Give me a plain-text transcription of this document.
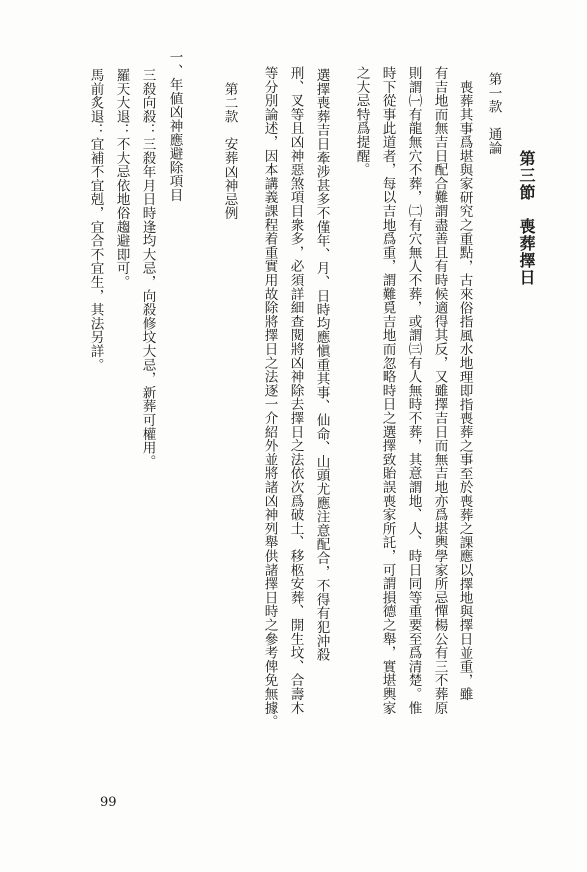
第三節　喪葬擇日
第一款　通論
喪葬其事爲堪與家研究之重點，古來俗指風水地理即指喪葬之事至於喪葬之課應以擇地與擇日並重，雖
有吉地而無吉日配合難謂盡善且有時候適得其反，又雖擇吉日而無吉地亦爲堪輿學家所忌憚楊公有三不葬原
則謂㈠有龍無穴不葬，㈡有穴無人不葬，或謂㈢有人無時不葬，其意謂地、人、時日同等重要至爲清楚。惟
時下從事此道者，每以吉地爲重，謂難覓吉地而忽略時日之選擇致貽誤喪家所託，可謂損德之舉，實堪輿家
之大忌特爲提醒。
選擇喪葬吉日牽涉甚多不僅年、月、日時均應愼重其事、仙命、山頭尤應注意配合，不得有犯沖殺
刑、叉等且凶神惡煞項目衆多，必須詳細查閱將凶神除去擇日之法依次爲破土、移柩安葬、開生坟、合壽木
等分別論述，因本講義課程着重實用故除將擇日之法逐一介紹外並將諸凶神列舉供諸擇日時之參考俾免無據。
第二款　安葬凶神忌例
一、年値凶神應避除項目
三殺向殺：三殺年月日時逢均大忌，向殺修坟大忌，新葬可權用。
羅天大退：不大忌依地俗趨避即可。
馬前炙退：宜補不宜剋，宜合不宜生，其法另詳。
99
